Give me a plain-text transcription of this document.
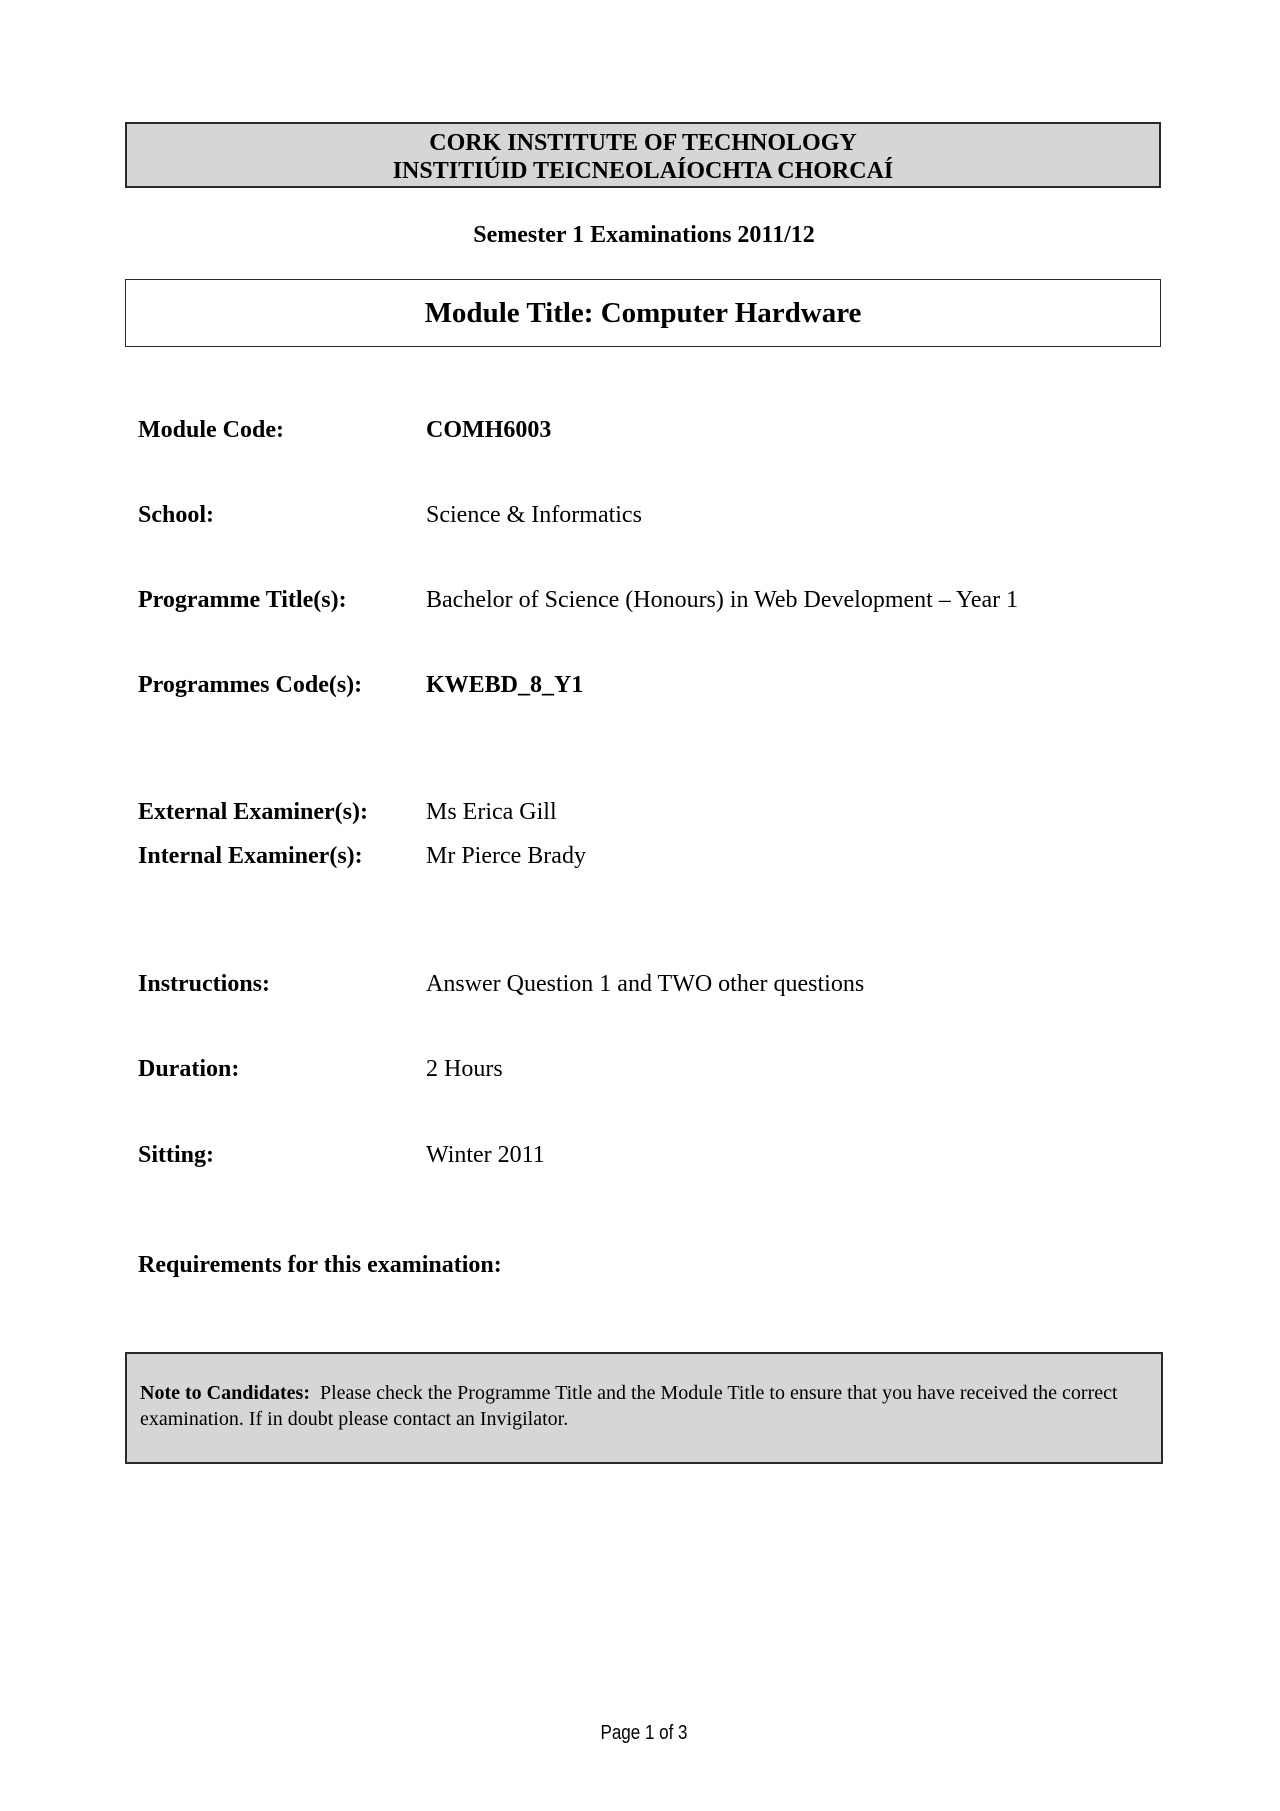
CORK INSTITUTE OF TECHNOLOGY
INSTITIÚID TEICNEOLAÍOCHTA CHORCAÍ
Semester 1 Examinations 2011/12
Module Title: Computer Hardware
Module Code:	COMH6003
School:	Science & Informatics
Programme Title(s):	Bachelor of Science (Honours) in Web Development – Year 1
Programmes Code(s):	KWEBD_8_Y1
External Examiner(s): Ms Erica Gill
Internal Examiner(s):	Mr Pierce Brady
Instructions:	Answer Question 1 and TWO other questions
Duration:	2 Hours
Sitting:	Winter 2011
Requirements for this examination:
Note to Candidates: Please check the Programme Title and the Module Title to ensure that you have received the correct examination. If in doubt please contact an Invigilator.
Page 1 of 3
